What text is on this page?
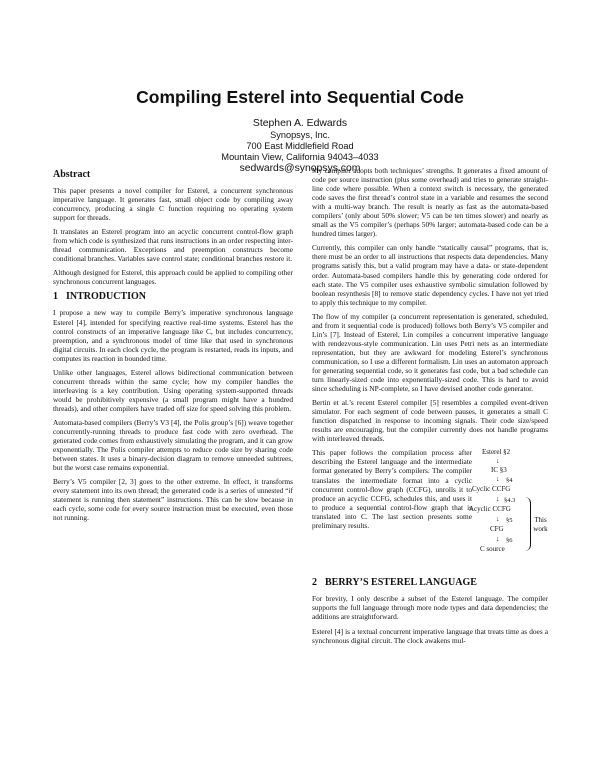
Compiling Esterel into Sequential Code
Stephen A. Edwards
Synopsys, Inc.
700 East Middlefield Road
Mountain View, California 94043–4033
sedwards@synopsys.com
Abstract

This paper presents a novel compiler for Esterel, a concurrent synchronous imperative language. It generates fast, small object code by compiling away concurrency, producing a single C function requiring no operating system support for threads.

It translates an Esterel program into an acyclic concurrent control-flow graph from which code is synthesized that runs instructions in an order respecting inter-thread communication. Exceptions and preemption constructs become conditional branches. Variables save control state; conditional branches restore it.

Although designed for Esterel, this approach could be applied to compiling other synchronous concurrent languages.

1 INTRODUCTION

I propose a new way to compile Berry’s imperative synchronous language Esterel [4], intended for specifying reactive real-time systems. Esterel has the control constructs of an imperative language like C, but includes concurrency, preemption, and a synchronous model of time like that used in synchronous digital circuits. In each clock cycle, the program is restarted, reads its inputs, and computes its reaction in bounded time.

Unlike other languages, Esterel allows bidirectional communication between concurrent threads within the same cycle; how my compiler handles the interleaving is a key contribution. Using operating system-supported threads would be prohibitively expensive (a small program might have a hundred threads), and other compilers have traded off size for speed solving this problem.

Automata-based compilers (Berry’s V3 [4], the Polis group’s [6]) weave together concurrently-running threads to produce fast code with zero overhead. The generated code comes from exhaustively simulating the program, and it can grow exponentially. The Polis compiler attempts to reduce code size by sharing code between states. It uses a binary-decision diagram to remove unneeded subtrees, but the worst case remains exponential.

Berry’s V5 compiler [2, 3] goes to the other extreme. In effect, it transforms every statement into its own thread; the generated code is a series of unnested “if statement is running then statement” instructions. This can be slow because in each cycle, some code for every source instruction must be executed, even those not running.

My compiler adopts both techniques’ strengths. It generates a fixed amount of code per source instruction (plus some overhead) and tries to generate straight-line code where possible. When a context switch is necessary, the generated code saves the first thread’s control state in a variable and resumes the second with a multi-way branch. The result is nearly as fast as the automata-based compilers’ (only about 50% slower; V5 can be ten times slower) and nearly as small as the V5 compiler’s (perhaps 50% larger; automata-based code can be a hundred times larger).

Currently, this compiler can only handle “statically causal” programs, that is, there must be an order to all instructions that respects data dependencies. Many programs satisfy this, but a valid program may have a data- or state-dependent order. Automata-based compilers handle this by generating code ordered for each state. The V5 compiler uses exhaustive symbolic simulation followed by boolean resynthesis [8] to remove static dependency cycles. I have not yet tried to apply this technique to my compiler.

The flow of my compiler (a concurrent representation is generated, scheduled, and from it sequential code is produced) follows both Berry’s V5 compiler and Lin’s [7]. Instead of Esterel, Lin compiles a concurrent imperative language with rendezvous-style communication. Lin uses Petri nets as an intermediate representation, but they are awkward for modeling Esterel’s synchronous communication, so I use a different formalism. Lin uses an automaton approach for generating sequential code, so it generates fast code, but a bad schedule can turn linearly-sized code into exponentially-sized code. This is hard to avoid since scheduling is NP-complete, so I have devised another code generator.

Bertin et al.’s recent Esterel compiler [5] resembles a compiled event-driven simulator. For each segment of code between pauses, it generates a small C function dispatched in response to incoming signals. Their code size/speed results are encouraging, but the compiler currently does not handle programs with interleaved threads.

This paper follows the compilation process after describing the Esterel language and the intermediate format generated by Berry’s compilers. The compiler translates the intermediate format into a cyclic concurrent control-flow graph (CCFG), unrolls it to produce an acyclic CCFG, schedules this, and uses it to produce a sequential control-flow graph that is translated into C. The last section presents some preliminary results.
Esterel §2
↓
IC §3
↓ §4
Cyclic CCFG
↓ §4.3
Acyclic CCFG
↓ §5
CFG
↓ §6
C source
This work
2 BERRY’S ESTEREL LANGUAGE

For brevity, I only describe a subset of the Esterel language. The compiler supports the full language through more node types and data dependencies; the additions are straightforward.

Esterel [4] is a textual concurrent imperative language that treats time as does a synchronous digital circuit. The clock awakens mul-
